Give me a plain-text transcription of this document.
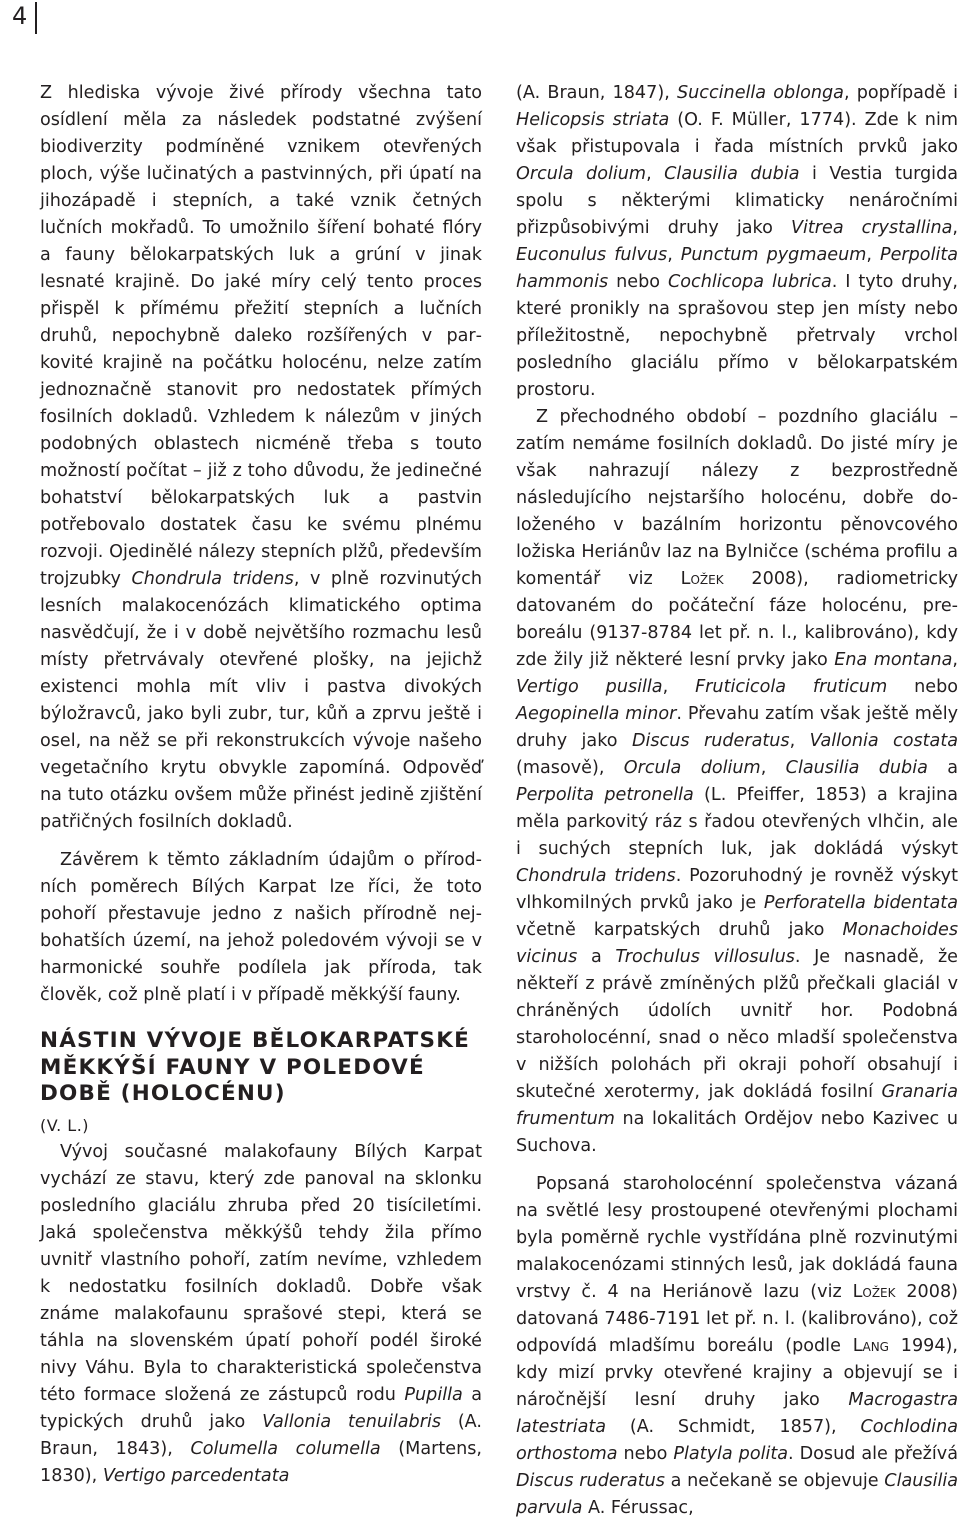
4

Z hlediska vývoje živé přírody všechna tato osídlení měla za následek podstatné zvýšení biodiverzity podmíněné vznikem otevřených ploch, výše lučinatých a pastvinných, při úpatí na jihozápadě i stepních, a také vznik četných lučních mokřadů. To umožnilo šíření bohaté flóry a fauny bělokarpatských luk a grúní v jinak lesnaté krajině. Do jaké míry celý tento proces přispěl k přímému přežití stepních a lučních druhů, nepochybně daleko rozšířených v parkovité krajině na počátku holocénu, nelze zatím jednoznačně stanovit pro nedostatek přímých fosilních dokladů. Vzhledem k nálezům v jiných podobných oblastech nicméně třeba s touto možností počítat – již z toho důvodu, že jedinečné bohatství bělokarpatských luk a pastvin potřebovalo dostatek času ke svému plnému rozvoji. Ojedinělé nálezy stepních plžů, především trojzubky Chondrula tridens, v plně rozvinutých lesních malakocenózách klimatického optima nasvědčují, že i v době největšího rozmachu lesů místy přetrvávaly otevřené plošky, na jejichž existenci mohla mít vliv i pastva divokých býložravců, jako byli zubr, tur, kůň a zprvu ještě i osel, na něž se při rekonstrukcích vývoje našeho vegetačního krytu obvykle zapomíná. Odpověď na tuto otázku ovšem může přinést jedině zjištění patřičných fosilních dokladů.

Závěrem k těmto základním údajům o přírodních poměrech Bílých Karpat lze říci, že toto pohoří přestavuje jedno z našich přírodně nejbohatších území, na jehož poledovém vývoji se v harmonické souhře podílela jak příroda, tak člověk, což plně platí i v případě měkkýší fauny.

NÁSTIN VÝVOJE BĚLOKARPATSKÉ MĚKKÝŠÍ FAUNY V POLEDOVÉ DOBĚ (HOLOCÉNU)

(V. L.)

Vývoj současné malakofauny Bílých Karpat vychází ze stavu, který zde panoval na sklonku posledního glaciálu zhruba před 20 tisíciletími. Jaká společenstva měkkýšů tehdy žila přímo uvnitř vlastního pohoří, zatím nevíme, vzhledem k nedostatku fosilních dokladů. Dobře však známe malakofaunu sprašové stepi, která se táhla na slovenském úpatí pohoří podél široké nivy Váhu. Byla to charakteristická společenstva této formace složená ze zástupců rodu Pupilla a typických druhů jako Vallonia tenuilabris (A. Braun, 1843), Columella columella (Martens, 1830), Vertigo parcedentata

(A. Braun, 1847), Succinella oblonga, popřípadě i Helicopsis striata (O. F. Müller, 1774). Zde k nim však přistupovala i řada místních prvků jako Orcula dolium, Clausilia dubia i Vestia turgida spolu s některými klimaticky nenáročními přizpůsobivými druhy jako Vitrea crystallina, Euconulus fulvus, Punctum pygmaeum, Perpolita hammonis nebo Cochlicopa lubrica. I tyto druhy, které pronikly na sprašovou step jen místy nebo příležitostně, nepochybně přetrvaly vrchol posledního glaciálu přímo v bělokarpatském prostoru.

Z přechodného období – pozdního glaciálu – zatím nemáme fosilních dokladů. Do jisté míry je však nahrazují nálezy z bezprostředně následujícího nejstaršího holocénu, dobře doloženého v bazálním horizontu pěnovcového ložiska Heriánův laz na Bylničce (schéma profilu a komentář viz Ložek 2008), radiometricky datovaném do počáteční fáze holocénu, preboreálu (9137-8784 let př. n. l., kalibrováno), kdy zde žily již některé lesní prvky jako Ena montana, Vertigo pusilla, Fruticicola fruticum nebo Aegopinella minor. Převahu zatím však ještě měly druhy jako Discus ruderatus, Vallonia costata (masově), Orcula dolium, Clausilia dubia a Perpolita petronella (L. Pfeiffer, 1853) a krajina měla parkovitý ráz s řadou otevřených vlhčin, ale i suchých stepních luk, jak dokládá výskyt Chondrula tridens. Pozoruhodný je rovněž výskyt vlhkomilných prvků jako je Perforatella bidentata včetně karpatských druhů jako Monachoides vicinus a Trochulus villosulus. Je nasnadě, že někteří z právě zmíněných plžů přečkali glaciál v chráněných údolích uvnitř hor. Podobná staroholocénní, snad o něco mladší společenstva v nižších polohách při okraji pohoří obsahují i skutečné xerotermy, jak dokládá fosilní Granaria frumentum na lokalitách Ordějov nebo Kazivec u Suchova.

Popsaná staroholocénní společenstva vázaná na světlé lesy prostoupené otevřenými plochami byla poměrně rychle vystřídána plně rozvinutými malakocenózami stinných lesů, jak dokládá fauna vrstvy č. 4 na Heriánově lazu (viz Ložek 2008) datovaná 7486-7191 let př. n. l. (kalibrováno), což odpovídá mladšímu boreálu (podle Lang 1994), kdy mizí prvky otevřené krajiny a objevují se i náročnější lesní druhy jako Macrogastra latestriata (A. Schmidt, 1857), Cochlodina orthostoma nebo Platyla polita. Dosud ale přežívá Discus ruderatus a nečekaně se objevuje Clausilia parvula A. Férussac,
